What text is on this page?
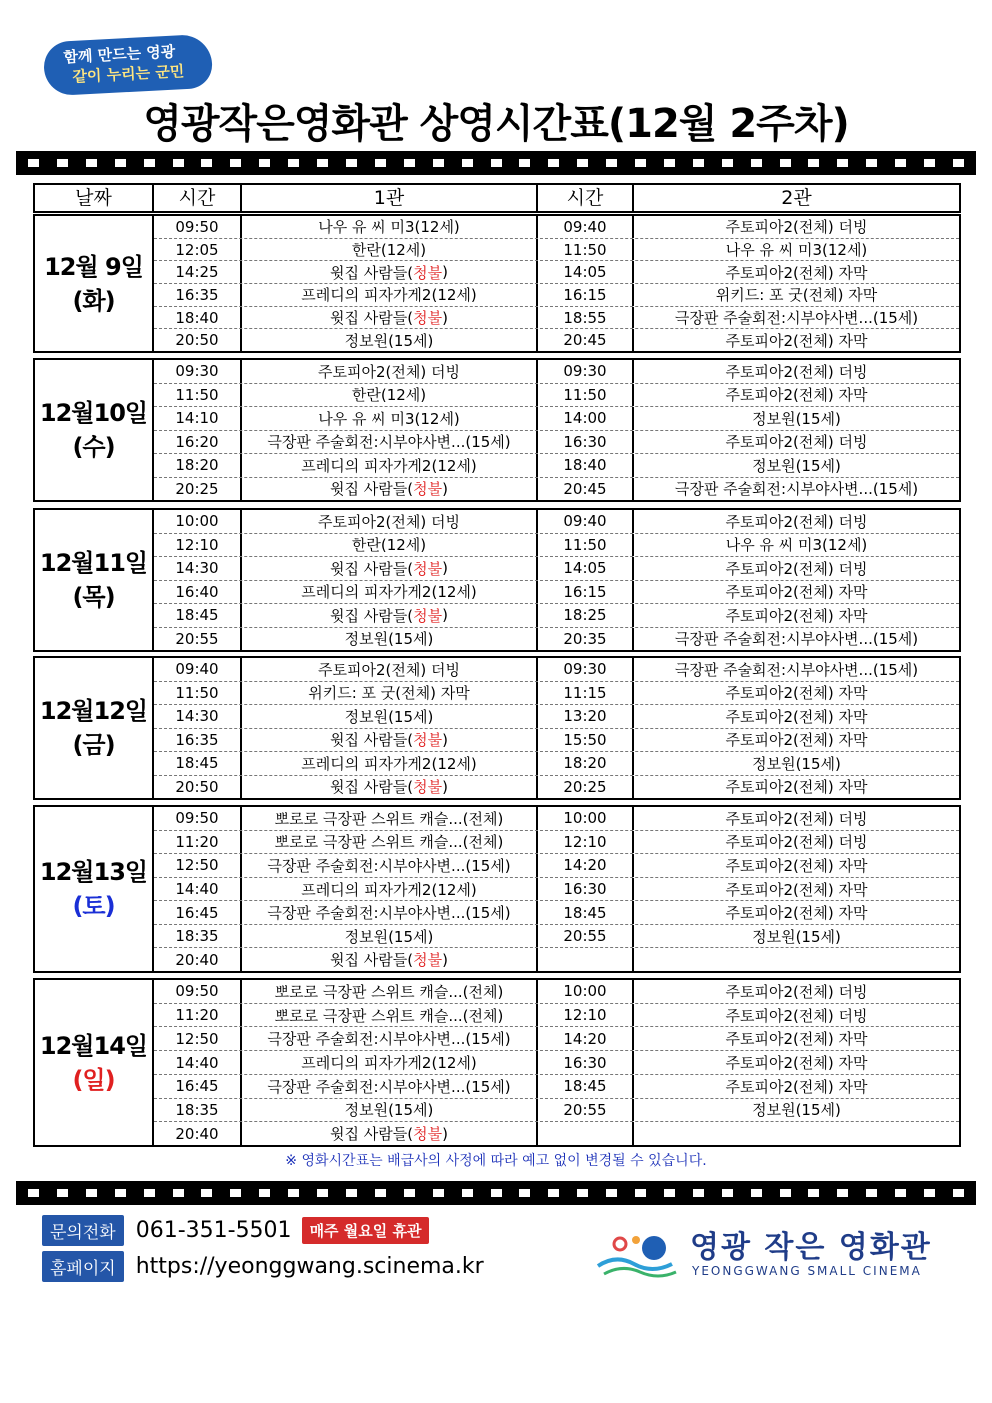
함께 만드는 영광
같이 누리는 군민
영광작은영화관 상영시간표(12월 2주차)
날짜	시간	1관	시간	2관
12월 9일
(화)
09:50	나우 유 씨 미3(12세)	09:40	주토피아2(전체) 더빙
12:05	한란(12세)	11:50	나우 유 씨 미3(12세)
14:25	윗집 사람들( 청불 )	14:05	주토피아2(전체) 자막
16:35	프레디의 피자가게2(12세)	16:15	위키드: 포 굿(전체) 자막
18:40	윗집 사람들( 청불 )	18:55	극장판 주술회전:시부야사변...(15세)
20:50	정보원(15세)	20:45	주토피아2(전체) 자막
12월10일
(수)
09:30	주토피아2(전체) 더빙	09:30	주토피아2(전체) 더빙
11:50	한란(12세)	11:50	주토피아2(전체) 자막
14:10	나우 유 씨 미3(12세)	14:00	정보원(15세)
16:20	극장판 주술회전:시부야사변...(15세)	16:30	주토피아2(전체) 더빙
18:20	프레디의 피자가게2(12세)	18:40	정보원(15세)
20:25	윗집 사람들( 청불 )	20:45	극장판 주술회전:시부야사변...(15세)
12월11일
(목)
10:00	주토피아2(전체) 더빙	09:40	주토피아2(전체) 더빙
12:10	한란(12세)	11:50	나우 유 씨 미3(12세)
14:30	윗집 사람들( 청불 )	14:05	주토피아2(전체) 더빙
16:40	프레디의 피자가게2(12세)	16:15	주토피아2(전체) 자막
18:45	윗집 사람들( 청불 )	18:25	주토피아2(전체) 자막
20:55	정보원(15세)	20:35	극장판 주술회전:시부야사변...(15세)
12월12일
(금)
09:40	주토피아2(전체) 더빙	09:30	극장판 주술회전:시부야사변...(15세)
11:50	위키드: 포 굿(전체) 자막	11:15	주토피아2(전체) 자막
14:30	정보원(15세)	13:20	주토피아2(전체) 자막
16:35	윗집 사람들( 청불 )	15:50	주토피아2(전체) 자막
18:45	프레디의 피자가게2(12세)	18:20	정보원(15세)
20:50	윗집 사람들( 청불 )	20:25	주토피아2(전체) 자막
12월13일
(토)
09:50	뽀로로 극장판 스위트 캐슬...(전체)	10:00	주토피아2(전체) 더빙
11:20	뽀로로 극장판 스위트 캐슬...(전체)	12:10	주토피아2(전체) 더빙
12:50	극장판 주술회전:시부야사변...(15세)	14:20	주토피아2(전체) 자막
14:40	프레디의 피자가게2(12세)	16:30	주토피아2(전체) 자막
16:45	극장판 주술회전:시부야사변...(15세)	18:45	주토피아2(전체) 자막
18:35	정보원(15세)	20:55	정보원(15세)
20:40	윗집 사람들( 청불 )
12월14일
(일)
09:50	뽀로로 극장판 스위트 캐슬...(전체)	10:00	주토피아2(전체) 더빙
11:20	뽀로로 극장판 스위트 캐슬...(전체)	12:10	주토피아2(전체) 더빙
12:50	극장판 주술회전:시부야사변...(15세)	14:20	주토피아2(전체) 자막
14:40	프레디의 피자가게2(12세)	16:30	주토피아2(전체) 자막
16:45	극장판 주술회전:시부야사변...(15세)	18:45	주토피아2(전체) 자막
18:35	정보원(15세)	20:55	정보원(15세)
20:40	윗집 사람들( 청불 )
※ 영화시간표는 배급사의 사정에 따라 예고 없이 변경될 수 있습니다.
문의전화 061-351-5501	매주 월요일 휴관
홈페이지 https://yeonggwang.scinema.kr
영광 작은 영화관
YEONGGWANG SMALL CINEMA
